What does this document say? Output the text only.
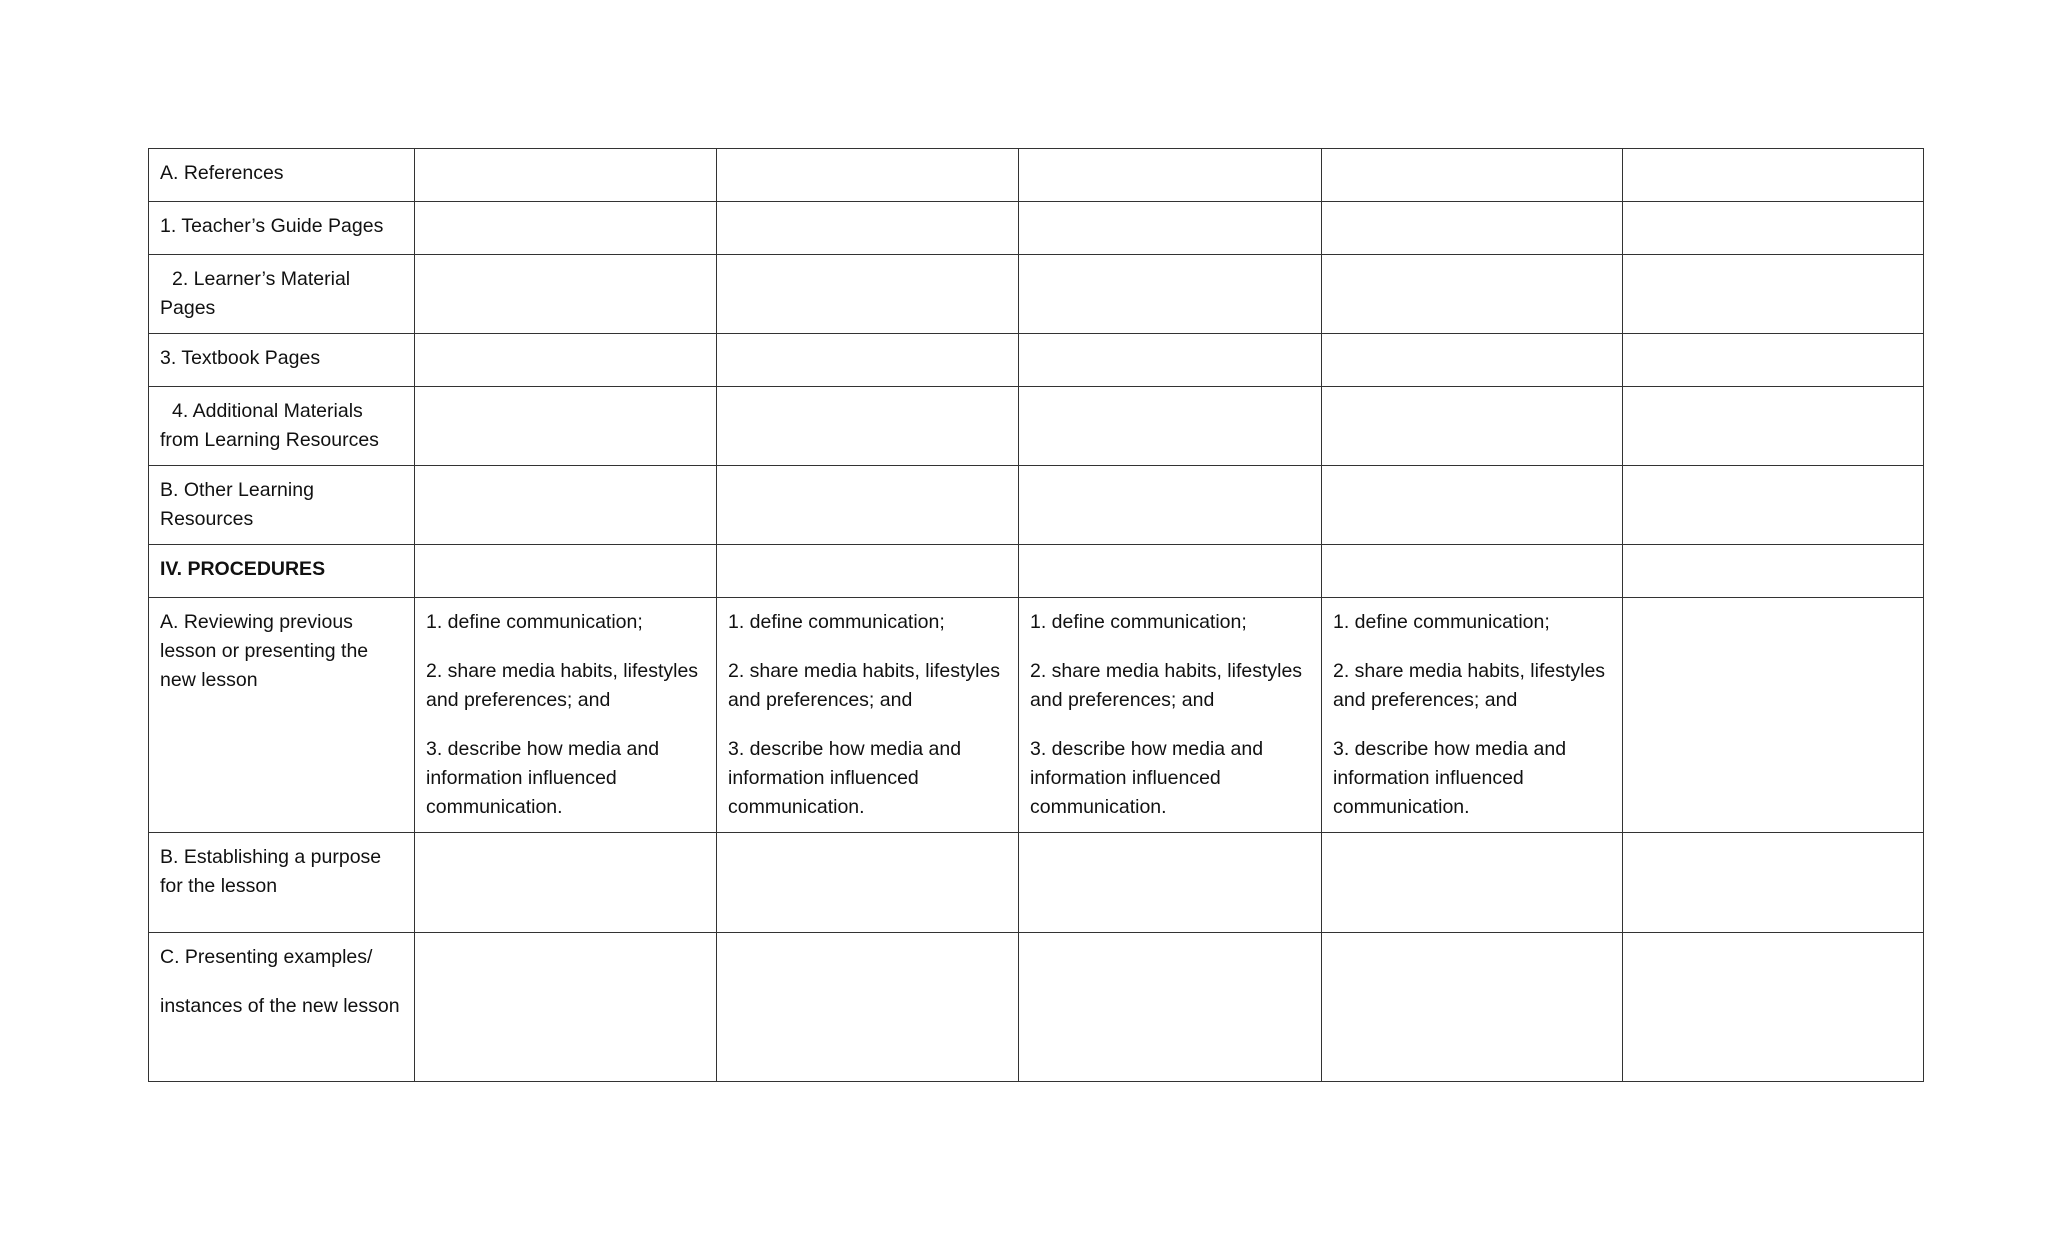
A. References					
1. Teacher’s Guide Pages					
2. Learner’s Material Pages					
3. Textbook Pages					
4. Additional Materials from Learning Resources					
B. Other Learning Resources					
IV. PROCEDURES					
A. Reviewing previous lesson or presenting the new lesson	1. define communication;
2. share media habits, lifestyles and preferences; and
3. describe how media and information influenced communication.	1. define communication;
2. share media habits, lifestyles and preferences; and
3. describe how media and information influenced communication.	1. define communication;
2. share media habits, lifestyles and preferences; and
3. describe how media and information influenced communication.	1. define communication;
2. share media habits, lifestyles and preferences; and
3. describe how media and information influenced communication.	

B. Establishing a purpose for the lesson					

C. Presenting examples/
instances of the new lesson					
